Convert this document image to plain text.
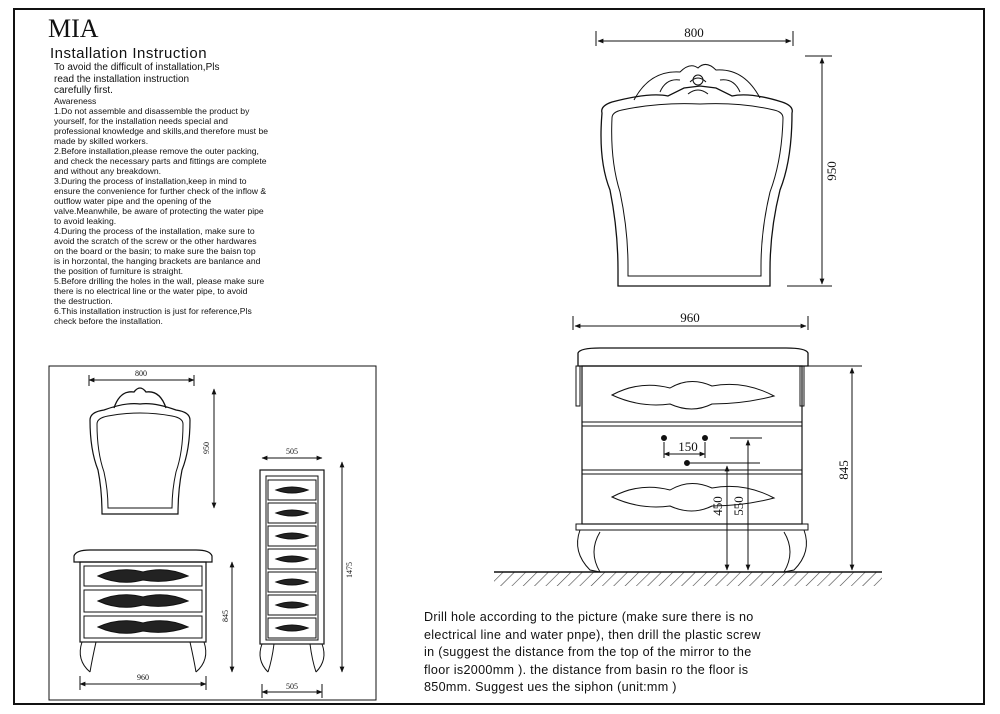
MIA
Installation Instruction
To avoid the difficult of installation,Pls
read the installation instruction
carefully first.
Awareness
1.Do not assemble and disassemble the product by
yourself, for the installation needs special and
professional knowledge and skills,and therefore must be
made by skilled workers.
2.Before installation,please remove the outer packing,
and check the necessary parts and fittings are complete
and without any breakdown.
3.During the process of installation,keep in mind to
ensure the convenience for further check of the inflow &
outflow water pipe and the opening of the
valve.Meanwhile, be aware of protecting the water pipe
to avoid leaking.
4.During the process of the installation, make sure to
avoid the scratch of the screw or the other hardwares
on the board or the basin; to make sure the baisn top
is in horzontal, the hanging brackets are banlance and
the position of furniture is straight.
5.Before drilling the holes in the wall, please make sure
there is no electrical line or the water pipe, to avoid
the destruction.
6.This installation instruction is just for reference,Pls
check before the installation.
800
950
960
845
150
450 550
800
950
845
960
505
1475
505
Drill hole according to the picture (make sure there is no
electrical line and water pnpe), then drill the plastic screw
in (suggest the distance from the top of the mirror to the
floor is2000mm ). the distance from basin ro the floor is
850mm. Suggest ues the siphon (unit:mm )
